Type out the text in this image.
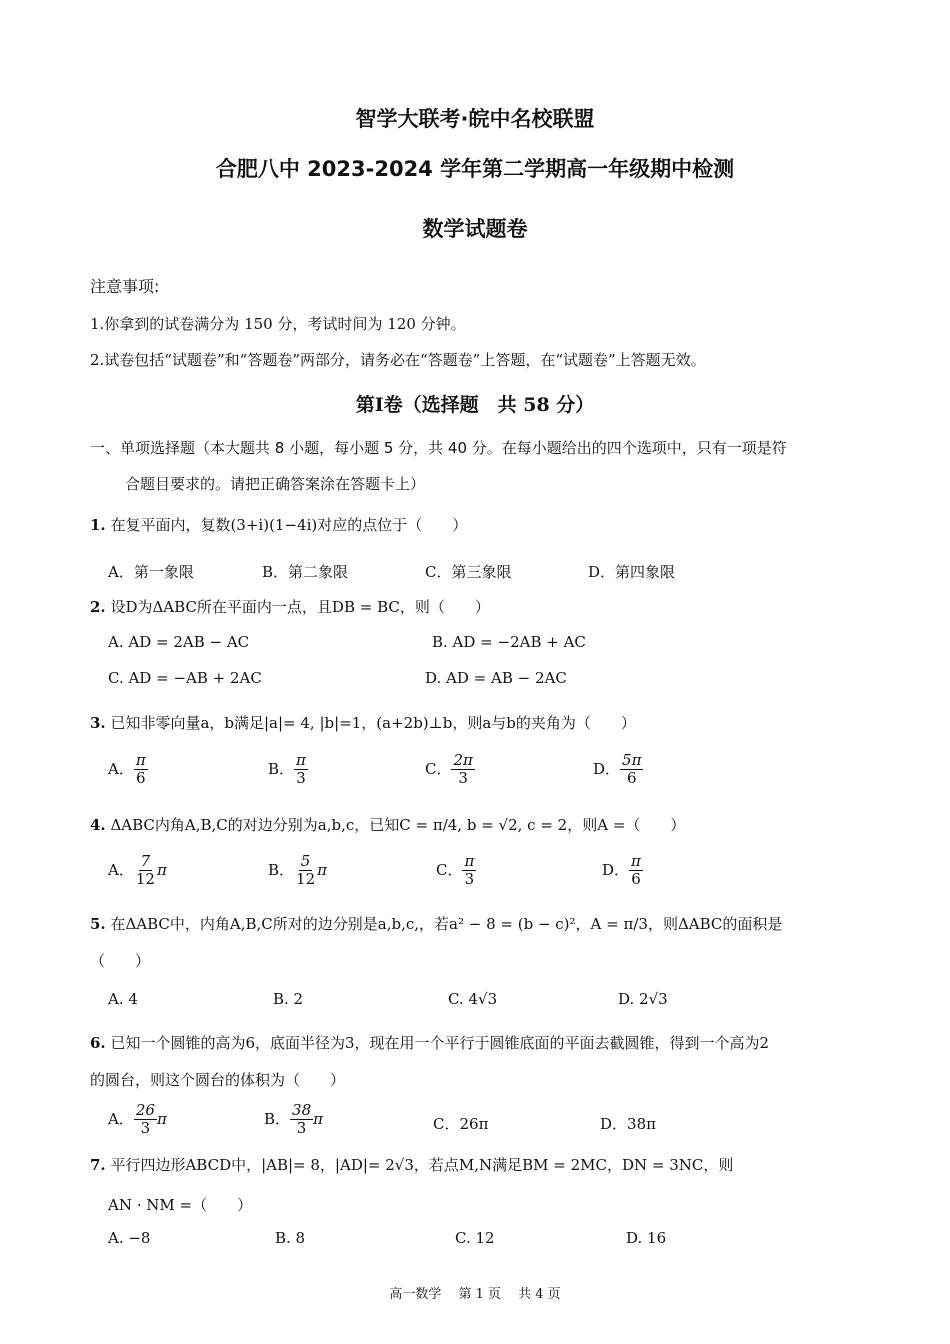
智学大联考·皖中名校联盟
合肥八中 2023-2024 学年第二学期高一年级期中检测
数学试题卷
注意事项:
1.你拿到的试卷满分为 150 分，考试时间为 120 分钟。
2.试卷包括“试题卷”和“答题卷”两部分，请务必在“答题卷”上答题，在“试题卷”上答题无效。
第Ⅰ卷（选择题　共 58 分）
一、单项选择题（本大题共 8 小题，每小题 5 分，共 40 分。在每小题给出的四个选项中，只有一项是符
合题目要求的。请把正确答案涂在答题卡上）
1. 在复平面内，复数(3+i)(1−4i)对应的点位于（　　）
A．第一象限	B．第二象限	C．第三象限	D．第四象限
2. 设D为ΔABC所在平面内一点，且DB = BC，则（　　）
A. AD = 2AB − AC	B. AD = −2AB + AC
C. AD = −AB + 2AC	D. AD = AB − 2AC
3. 已知非零向量a，b满足|a|= 4, |b|=1，(a+2b)⊥b，则a与b的夹角为（　　）
A． $\frac{\pi}{6}$	B． $\frac{\pi}{3}$	C． $\frac{2\pi}{3}$	D． $\frac{5\pi}{6}$
4. ΔABC内角A,B,C的对边分别为a,b,c，已知C = π/4, b = √2, c = 2，则A =（　　）
A． $\frac{7}{12}$ π	B． $\frac{5}{12}$ π	C． $\frac{\pi}{3}$	D． $\frac{\pi}{6}$
5. 在ΔABC中，内角A,B,C所对的边分别是a,b,c,，若a² − 8 = (b − c)²，A = π/3，则ΔABC的面积是
（　　）
A. 4	B. 2	C. 4√3	D. 2√3
6. 已知一个圆锥的高为6，底面半径为3，现在用一个平行于圆锥底面的平面去截圆锥，得到一个高为2
的圆台，则这个圆台的体积为（　　）
A． $\frac{26}{3}$ π	B． $\frac{38}{3}$ π	C．26π	D．38π
7. 平行四边形ABCD中，|AB|= 8，|AD|= 2√3，若点M,N满足BM = 2MC，DN = 3NC，则
AN · NM =（　　）
A. −8	B. 8	C. 12	D. 16
高一数学　 第 1 页　 共 4 页
